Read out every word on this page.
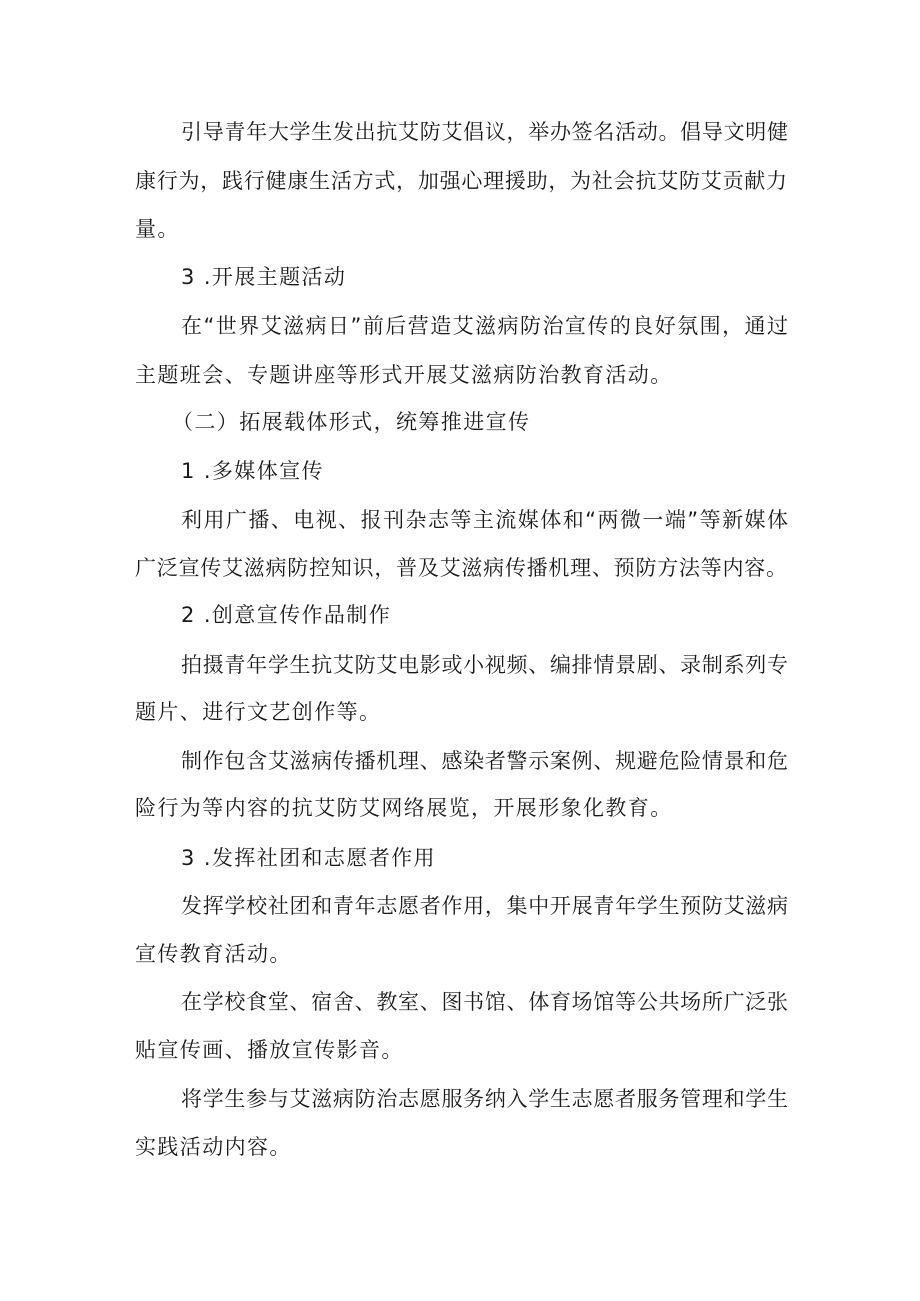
引导青年大学生发出抗艾防艾倡议，举办签名活动。倡导文明健
康行为，践行健康生活方式，加强心理援助，为社会抗艾防艾贡献力
量。
3 .开展主题活动
在“世界艾滋病日”前后营造艾滋病防治宣传的良好氛围，通过
主题班会、专题讲座等形式开展艾滋病防治教育活动。
（二）拓展载体形式，统筹推进宣传
1 .多媒体宣传
利用广播、电视、报刊杂志等主流媒体和“两微一端”等新媒体
广泛宣传艾滋病防控知识，普及艾滋病传播机理、预防方法等内容。
2 .创意宣传作品制作
拍摄青年学生抗艾防艾电影或小视频、编排情景剧、录制系列专
题片、进行文艺创作等。
制作包含艾滋病传播机理、感染者警示案例、规避危险情景和危
险行为等内容的抗艾防艾网络展览，开展形象化教育。
3 .发挥社团和志愿者作用
发挥学校社团和青年志愿者作用，集中开展青年学生预防艾滋病
宣传教育活动。
在学校食堂、宿舍、教室、图书馆、体育场馆等公共场所广泛张
贴宣传画、播放宣传影音。
将学生参与艾滋病防治志愿服务纳入学生志愿者服务管理和学生
实践活动内容。
